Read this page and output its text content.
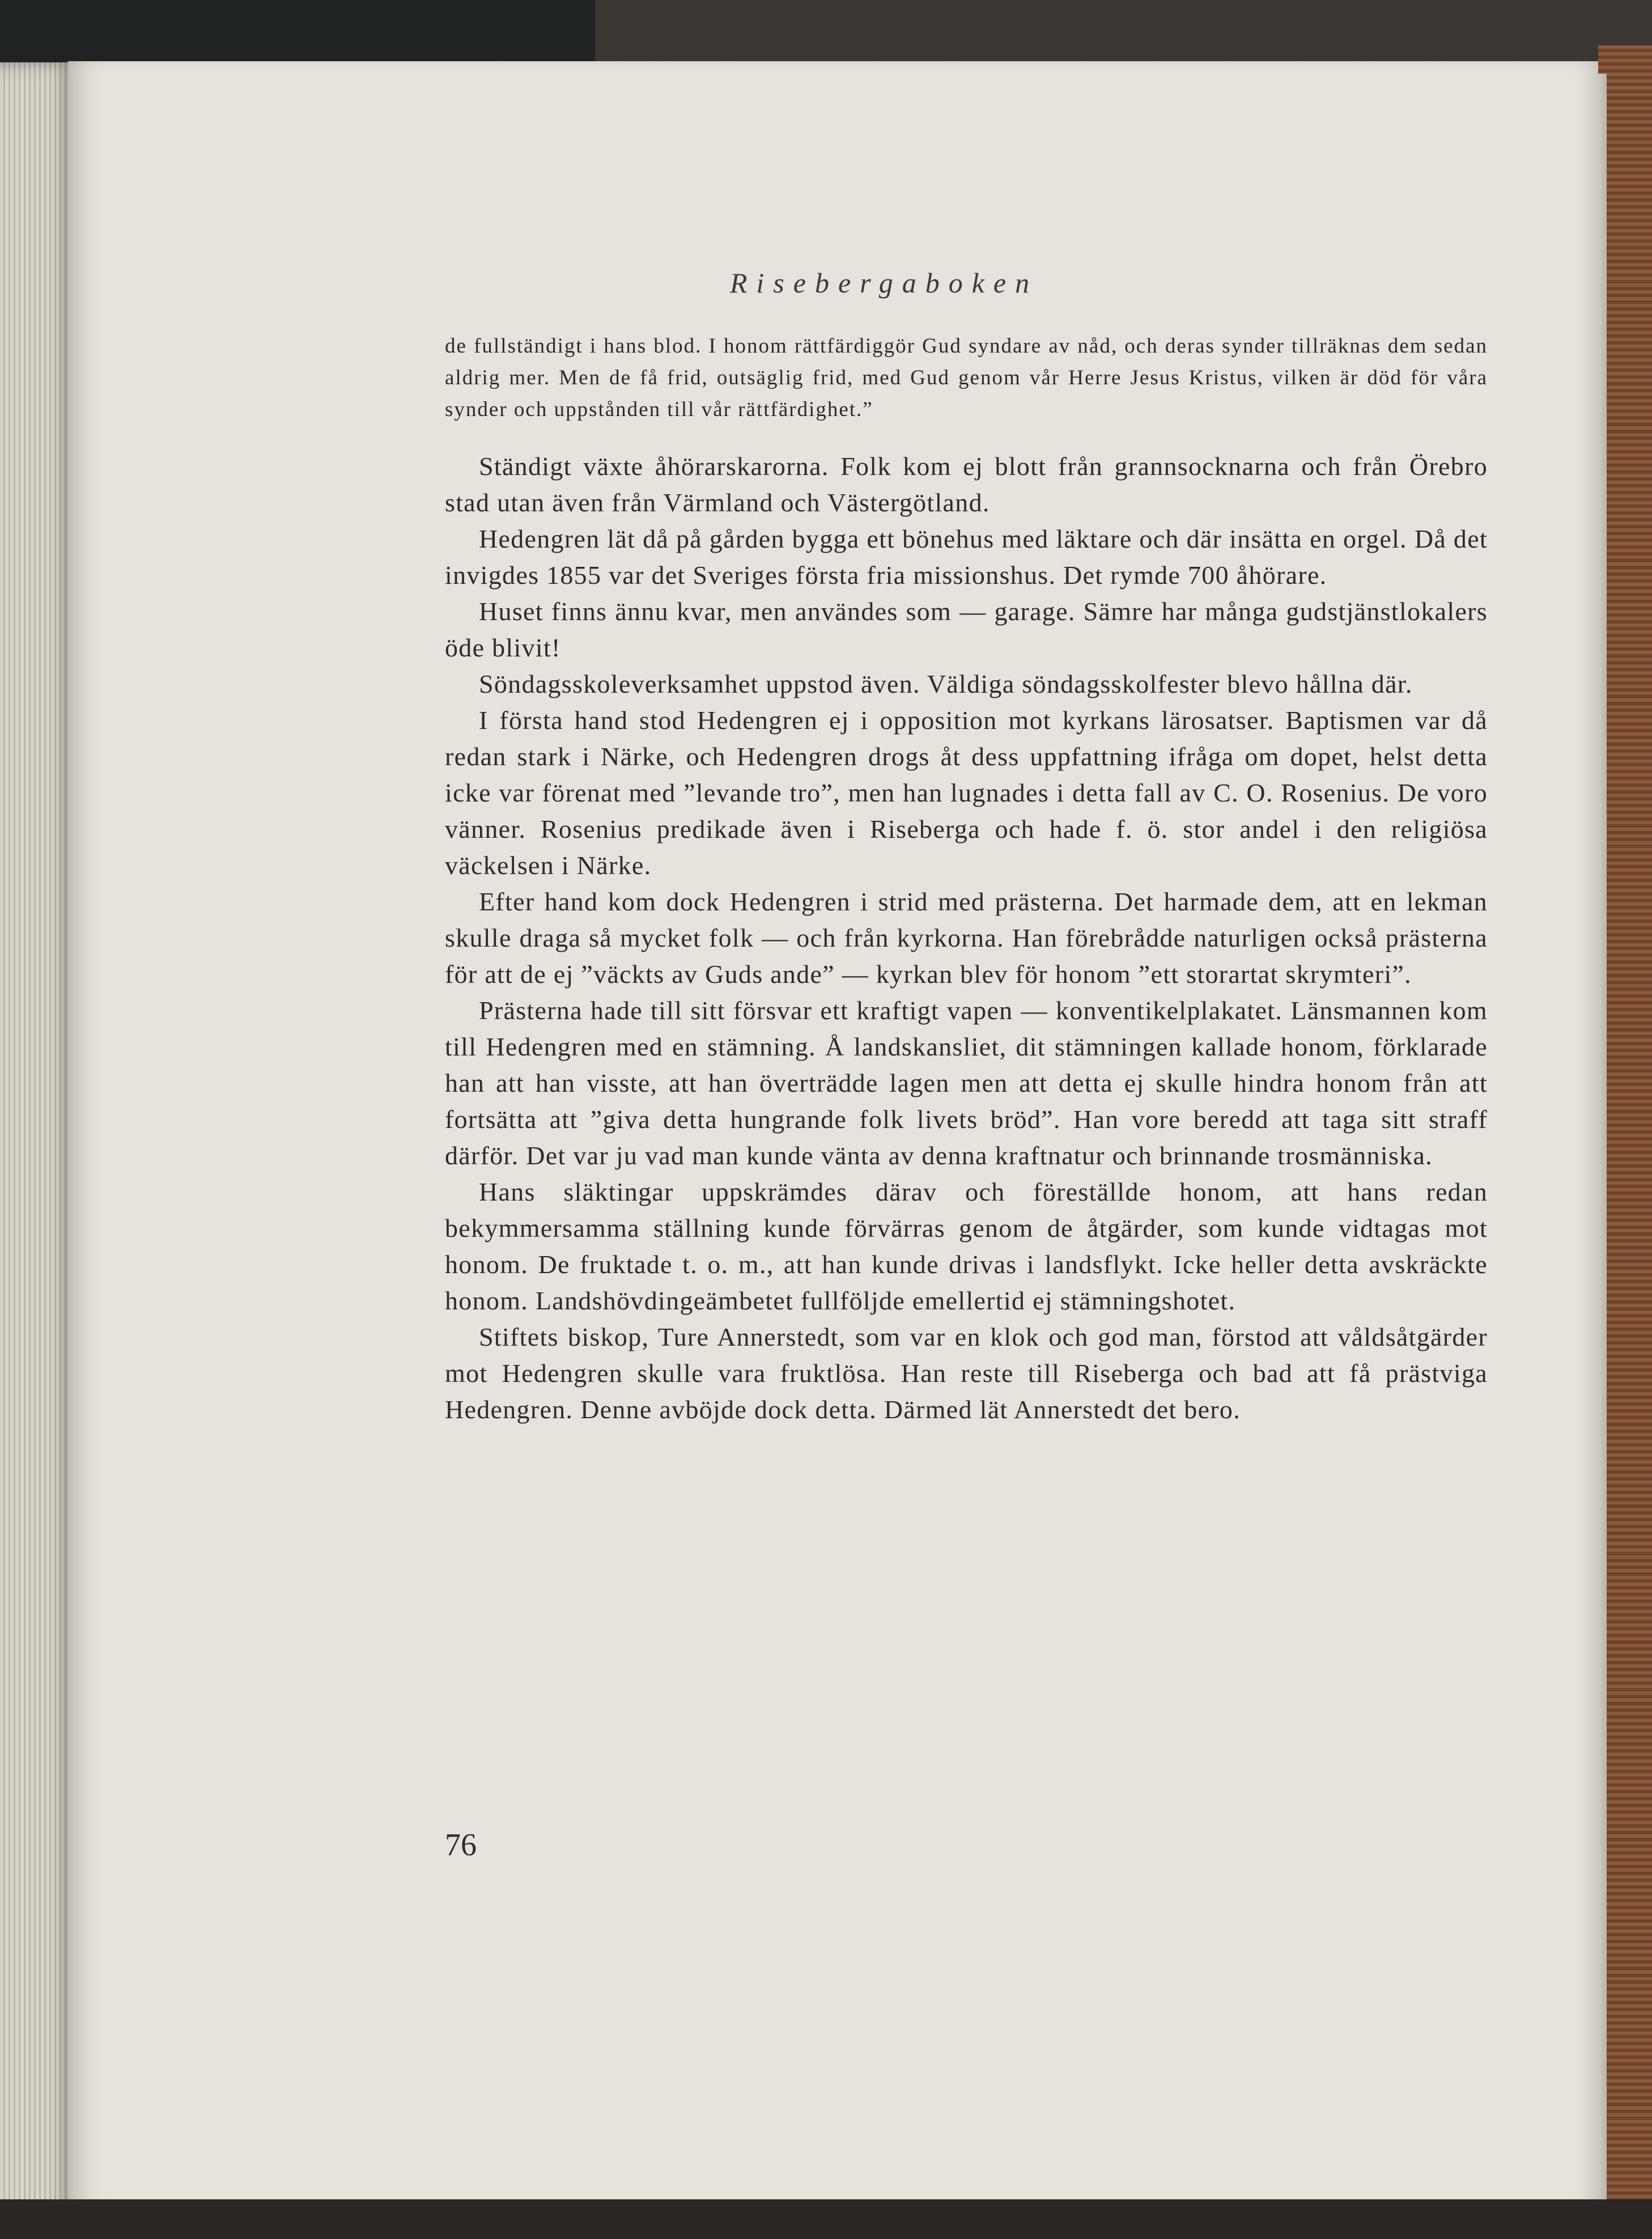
Risebergaboken

de fullständigt i hans blod. I honom rättfärdiggör Gud syndare av nåd, och deras synder tillräknas dem sedan aldrig mer. Men de få frid, outsäglig frid, med Gud genom vår Herre Jesus Kristus, vilken är död för våra synder och uppstånden till vår rättfärdighet.”

Ständigt växte åhörarskarorna. Folk kom ej blott från grannsocknarna och från Örebro stad utan även från Värmland och Västergötland.

Hedengren lät då på gården bygga ett bönehus med läktare och där insätta en orgel. Då det invigdes 1855 var det Sveriges första fria missionshus. Det rymde 700 åhörare.

Huset finns ännu kvar, men användes som — garage. Sämre har många gudstjänstlokalers öde blivit!

Söndagsskoleverksamhet uppstod även. Väldiga söndagsskolfester blevo hållna där.

I första hand stod Hedengren ej i opposition mot kyrkans lärosatser. Baptismen var då redan stark i Närke, och Hedengren drogs åt dess uppfattning ifråga om dopet, helst detta icke var förenat med ”levande tro”, men han lugnades i detta fall av C. O. Rosenius. De voro vänner. Rosenius predikade även i Riseberga och hade f. ö. stor andel i den religiösa väckelsen i Närke.

Efter hand kom dock Hedengren i strid med prästerna. Det harmade dem, att en lekman skulle draga så mycket folk — och från kyrkorna. Han förebrådde naturligen också prästerna för att de ej ”väckts av Guds ande” — kyrkan blev för honom ”ett storartat skrymteri”.

Prästerna hade till sitt försvar ett kraftigt vapen — konventikelplakatet. Länsmannen kom till Hedengren med en stämning. Å landskansliet, dit stämningen kallade honom, förklarade han att han visste, att han överträdde lagen men att detta ej skulle hindra honom från att fortsätta att ”giva detta hungrande folk livets bröd”. Han vore beredd att taga sitt straff därför. Det var ju vad man kunde vänta av denna kraftnatur och brinnande trosmänniska.

Hans släktingar uppskrämdes därav och föreställde honom, att hans redan bekymmersamma ställning kunde förvärras genom de åtgärder, som kunde vidtagas mot honom. De fruktade t. o. m., att han kunde drivas i landsflykt. Icke heller detta avskräckte honom. Landshövdingeämbetet fullföljde emellertid ej stämningshotet.

Stiftets biskop, Ture Annerstedt, som var en klok och god man, förstod att våldsåtgärder mot Hedengren skulle vara fruktlösa. Han reste till Riseberga och bad att få prästviga Hedengren. Denne avböjde dock detta. Därmed lät Annerstedt det bero.

76
